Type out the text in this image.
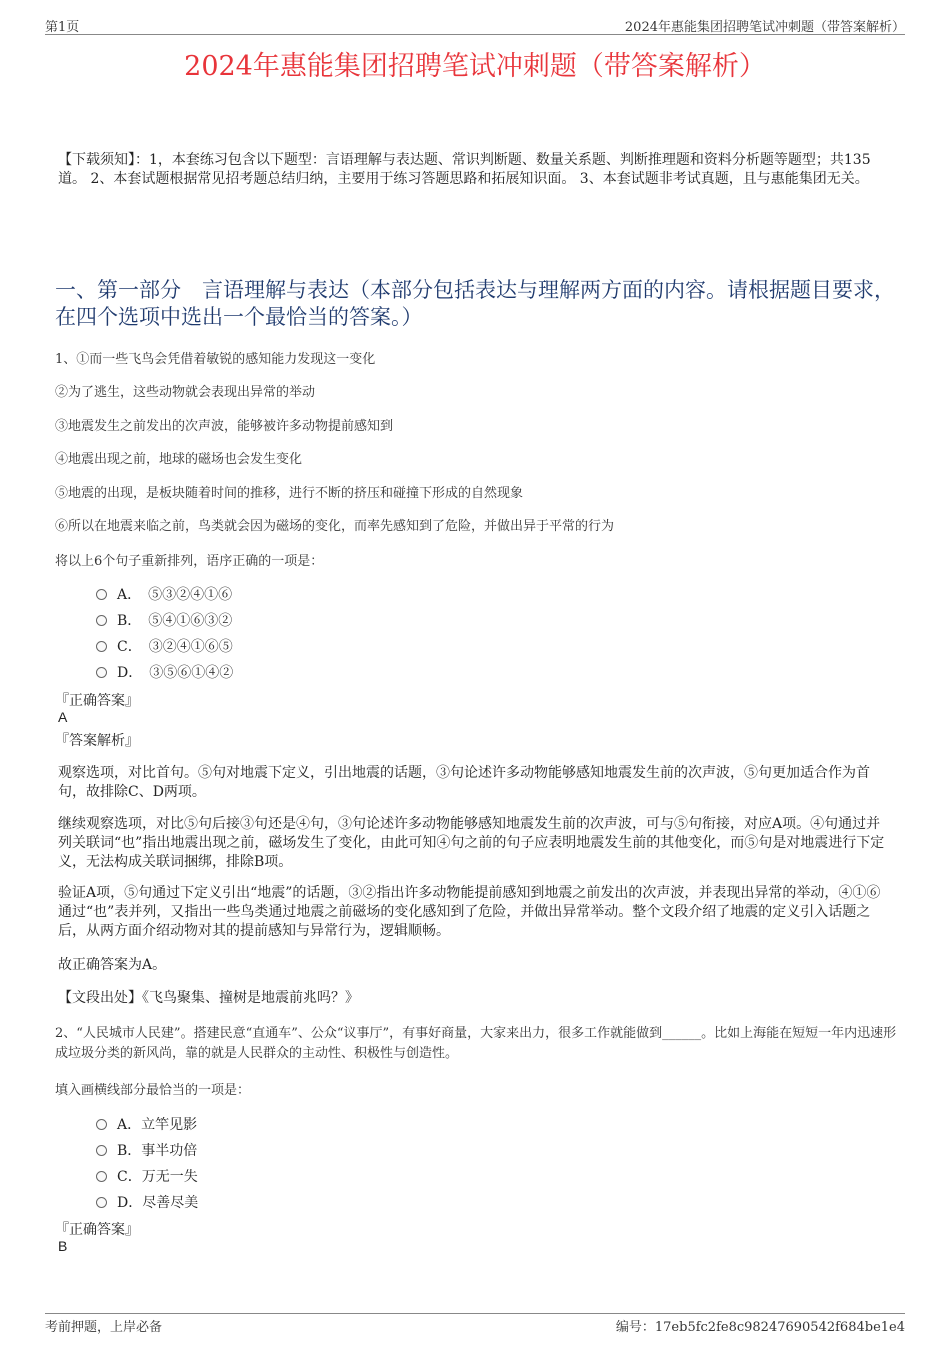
第1页	2024年惠能集团招聘笔试冲刺题（带答案解析）
2024年惠能集团招聘笔试冲刺题（带答案解析）
【下载须知】：1，本套练习包含以下题型：言语理解与表达题、常识判断题、数量关系题、判断推理题和资料分析题等题型；共135道。 2、本套试题根据常见招考题总结归纳，主要用于练习答题思路和拓展知识面。 3、本套试题非考试真题，且与惠能集团无关。
一、第一部分　言语理解与表达（本部分包括表达与理解两方面的内容。请根据题目要求，在四个选项中选出一个最恰当的答案。）
1、①而一些飞鸟会凭借着敏锐的感知能力发现这一变化
②为了逃生，这些动物就会表现出异常的举动
③地震发生之前发出的次声波，能够被许多动物提前感知到
④地震出现之前，地球的磁场也会发生变化
⑤地震的出现，是板块随着时间的推移，进行不断的挤压和碰撞下形成的自然现象
⑥所以在地震来临之前，鸟类就会因为磁场的变化，而率先感知到了危险，并做出异于平常的行为
将以上6个句子重新排列，语序正确的一项是：
A．　⑤③②④①⑥
B．　⑤④①⑥③②
C．　③②④①⑥⑤
D．　③⑤⑥①④②
『正确答案』
A
『答案解析』
观察选项，对比首句。⑤句对地震下定义，引出地震的话题，③句论述许多动物能够感知地震发生前的次声波，⑤句更加适合作为首句，故排除C、D两项。
继续观察选项，对比⑤句后接③句还是④句，③句论述许多动物能够感知地震发生前的次声波，可与⑤句衔接，对应A项。④句通过并列关联词“也”指出地震出现之前，磁场发生了变化，由此可知④句之前的句子应表明地震发生前的其他变化，而⑤句是对地震进行下定义，无法构成关联词捆绑，排除B项。
验证A项，⑤句通过下定义引出“地震”的话题，③②指出许多动物能提前感知到地震之前发出的次声波，并表现出异常的举动，④①⑥通过“也”表并列，又指出一些鸟类通过地震之前磁场的变化感知到了危险，并做出异常举动。整个文段介绍了地震的定义引入话题之后，从两方面介绍动物对其的提前感知与异常行为，逻辑顺畅。
故正确答案为A。
【文段出处】《飞鸟聚集、撞树是地震前兆吗？》
2、“人民城市人民建”。搭建民意“直通车”、公众“议事厅”，有事好商量，大家来出力，很多工作就能做到______。比如上海能在短短一年内迅速形成垃圾分类的新风尚，靠的就是人民群众的主动性、积极性与创造性。
填入画横线部分最恰当的一项是：
A．立竿见影
B．事半功倍
C．万无一失
D．尽善尽美
『正确答案』
B
考前押题，上岸必备	编号：17eb5fc2fe8c98247690542f684be1e4
